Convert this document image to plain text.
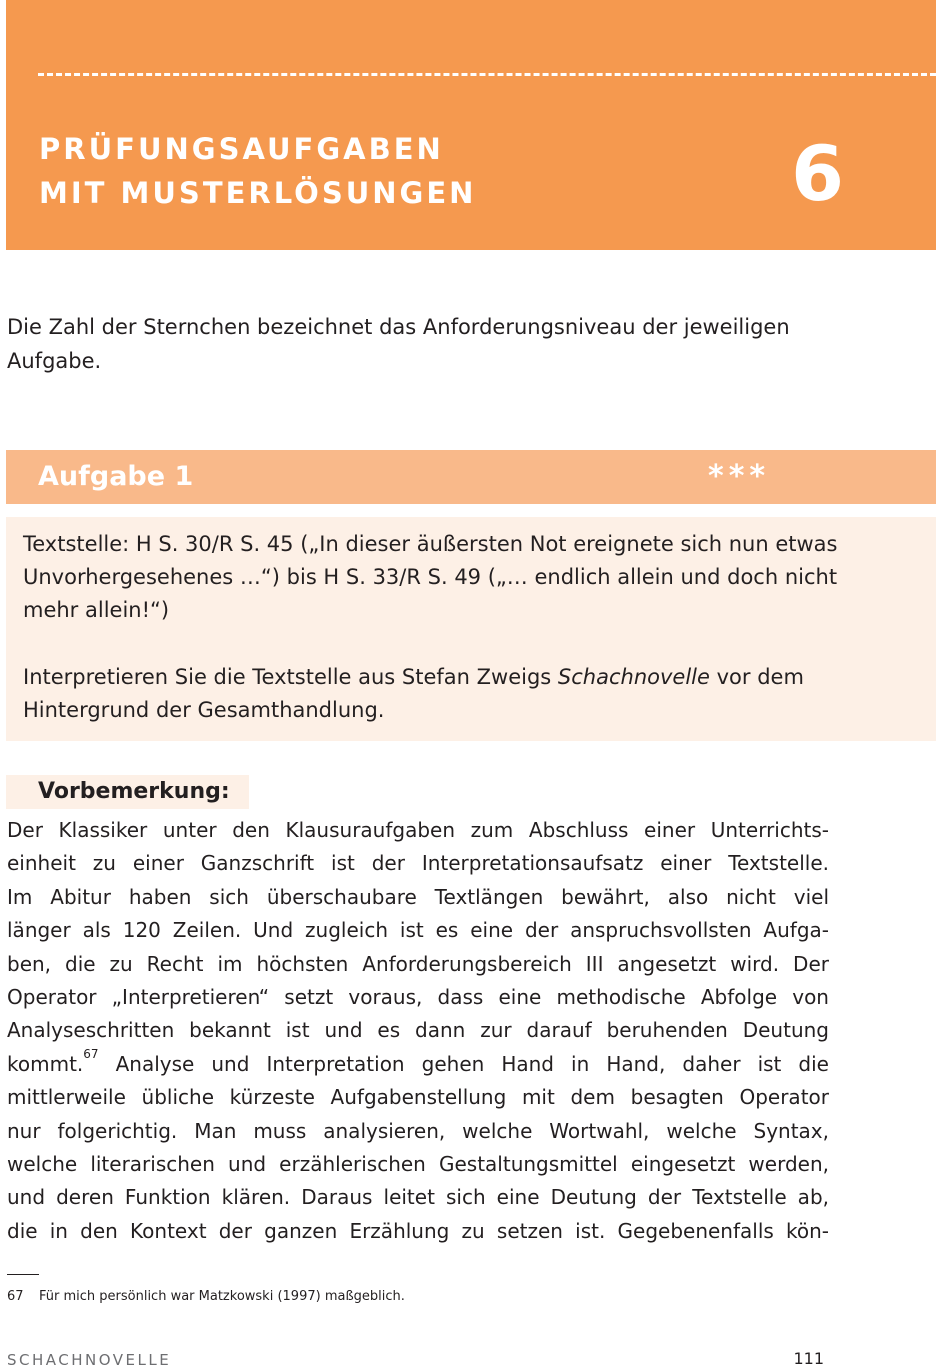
PRÜFUNGSAUFGABEN
MIT MUSTERLÖSUNGEN	6
Die Zahl der Sternchen bezeichnet das Anforderungsniveau der jeweiligen Aufgabe.
Aufgabe 1	***

Textstelle: H S. 30/R S. 45 („In dieser äußersten Not ereignete sich nun etwas Unvorhergesehenes …“) bis H S. 33/R S. 49 („… endlich allein und doch nicht mehr allein!“)

Interpretieren Sie die Textstelle aus Stefan Zweigs Schachnovelle vor dem Hintergrund der Gesamthandlung.

Vorbemerkung:
Der Klassiker unter den Klausuraufgaben zum Abschluss einer Unterrichts-
einheit zu einer Ganzschrift ist der Interpretationsaufsatz einer Textstelle.
Im Abitur haben sich überschaubare Textlängen bewährt, also nicht viel
länger als 120 Zeilen. Und zugleich ist es eine der anspruchsvollsten Aufga-
ben, die zu Recht im höchsten Anforderungsbereich III angesetzt wird. Der
Operator „Interpretieren“ setzt voraus, dass eine methodische Abfolge von
Analyseschritten bekannt ist und es dann zur darauf beruhenden Deutung
kommt.$^{67}$ Analyse und Interpretation gehen Hand in Hand, daher ist die
mittlerweile übliche kürzeste Aufgabenstellung mit dem besagten Operator
nur folgerichtig. Man muss analysieren, welche Wortwahl, welche Syntax,
welche literarischen und erzählerischen Gestaltungsmittel eingesetzt werden,
und deren Funktion klären. Daraus leitet sich eine Deutung der Textstelle ab,
die in den Kontext der ganzen Erzählung zu setzen ist. Gegebenenfalls kön-
67 Für mich persönlich war Matzkowski (1997) maßgeblich.
SCHACHNOVELLE	111
